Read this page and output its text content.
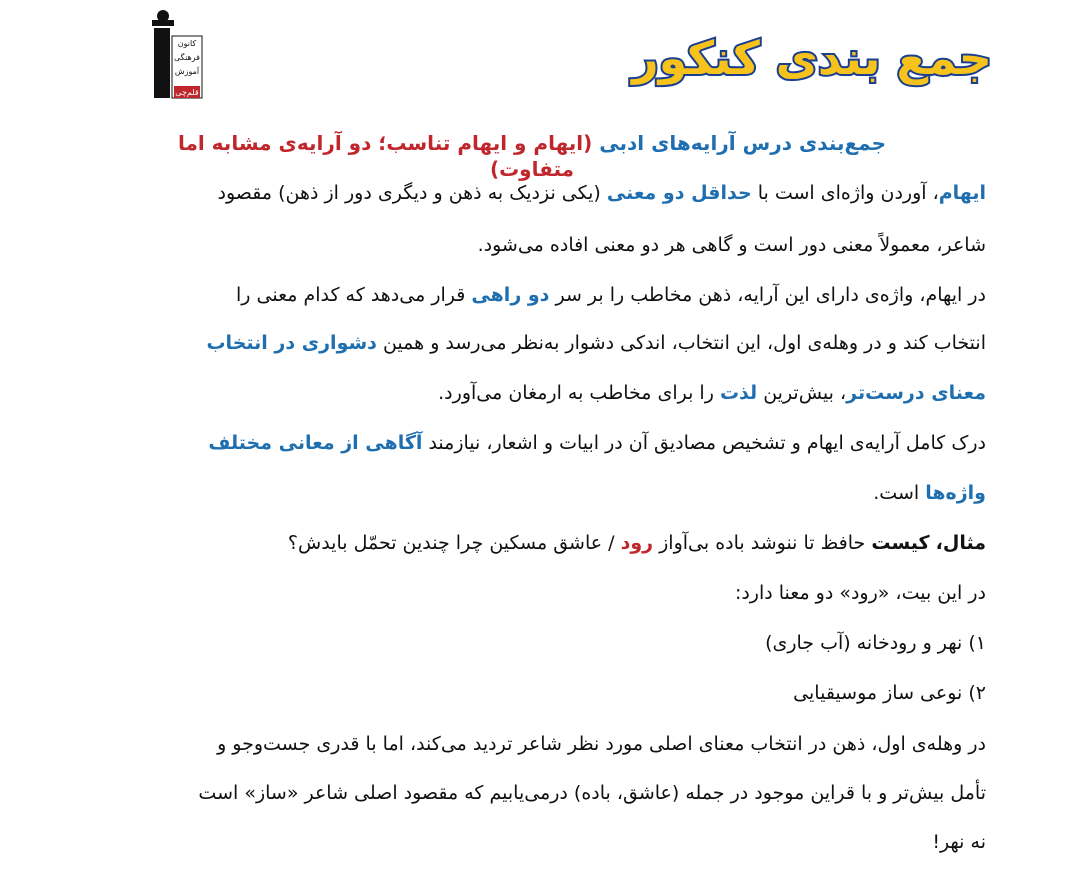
کانون
فرهنگی
آموزش
قلم‌چی
جمع بندی کنکور
جمع‌بندی درس آرایه‌های ادبی (ایهام و ایهام تناسب؛ دو آرایه‌ی مشابه اما متفاوت)
ایهام، آوردن واژه‌ای است با حداقل دو معنی (یکی نزدیک به ذهن و دیگری دور از ذهن) مقصود
شاعر، معمولاً معنی دور است و گاهی هر دو معنی افاده می‌شود.
در ایهام، واژه‌ی دارای این آرایه، ذهن مخاطب را بر سر دو راهی قرار می‌دهد که کدام معنی را
انتخاب کند و در وهله‌ی اول، این انتخاب، اندکی دشوار به‌نظر می‌رسد و همین دشواری در انتخاب
معنای درست‌تر، بیش‌ترین لذت را برای مخاطب به ارمغان می‌آورد.
درک کامل آرایه‌ی ایهام و تشخیص مصادیق آن در ابیات و اشعار، نیازمند آگاهی از معانی مختلف
واژه‌ها است.
مثال، کیست حافظ تا ننوشد باده بی‌آواز رود / عاشق مسکین چرا چندین تحمّل بایدش؟
در این بیت، «رود» دو معنا دارد:
۱) نهر و رودخانه (آب جاری)
۲) نوعی ساز موسیقیایی
در وهله‌ی اول، ذهن در انتخاب معنای اصلی مورد نظر شاعر تردید می‌کند، اما با قدری جست‌وجو و
تأمل بیش‌تر و با قراین موجود در جمله (عاشق، باده) درمی‌یابیم که مقصود اصلی شاعر «ساز» است
نه نهر!
